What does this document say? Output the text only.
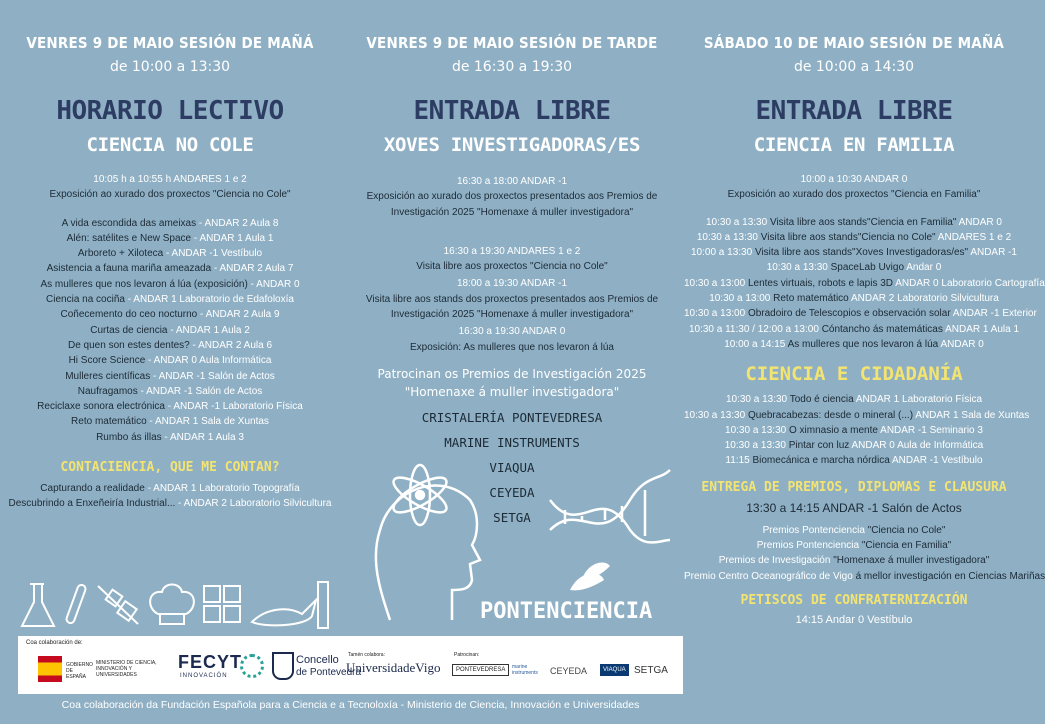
VENRES 9 DE MAIO SESIÓN DE MAÑÁ
de 10:00 a 13:30
HORARIO LECTIVO
CIENCIA NO COLE
10:05 h a 10:55 h ANDARES 1 e 2
Exposición ao xurado dos proxectos "Ciencia no Cole"
A vida escondida das ameixas - ANDAR 2 Aula 8
Alén: satélites e New Space - ANDAR 1 Aula 1
Arboreto + Xiloteca - ANDAR -1 Vestíbulo
Asistencia a fauna mariña ameazada - ANDAR 2 Aula 7
As mulleres que nos levaron á lúa (exposición) - ANDAR 0
Ciencia na cociña - ANDAR 1 Laboratorio de Edafoloxía
Coñecemento do ceo nocturno - ANDAR 2 Aula 9
Curtas de ciencia - ANDAR 1 Aula 2
De quen son estes dentes? - ANDAR 2 Aula 6
Hi Score Science - ANDAR 0 Aula Informática
Mulleres científicas - ANDAR -1 Salón de Actos
Naufragamos - ANDAR -1 Salón de Actos
Reciclaxe sonora electrónica - ANDAR -1 Laboratorio Física
Reto matemático - ANDAR 1 Sala de Xuntas
Rumbo ás illas - ANDAR 1 Aula 3
CONTACIENCIA, QUE ME CONTAN?
Capturando a realidade - ANDAR 1 Laboratorio Topografía
Descubrindo a Enxeñeiría Industrial... - ANDAR 2 Laboratorio Silvicultura
VENRES 9 DE MAIO SESIÓN DE TARDE
de 16:30 a 19:30
ENTRADA LIBRE
XOVES INVESTIGADORAS/ES
16:30 a 18:00 ANDAR -1
Exposición ao xurado dos proxectos presentados aos Premios de
Investigación 2025 "Homenaxe á muller investigadora"
16:30 a 19:30 ANDARES 1 e 2
Visita libre aos proxectos "Ciencia no Cole"
18:00 a 19:30 ANDAR -1
Visita libre aos stands dos proxectos presentados aos Premios de
Investigación 2025 "Homenaxe á muller investigadora"
16:30 a 19:30 ANDAR 0
Exposición: As mulleres que nos levaron á lúa
Patrocinan os Premios de Investigación 2025
"Homenaxe á muller investigadora"
CRISTALERÍA PONTEVEDRESA
MARINE INSTRUMENTS
VIAQUA
CEYEDA
SETGA
SÁBADO 10 DE MAIO SESIÓN DE MAÑÁ
de 10:00 a 14:30
ENTRADA LIBRE
CIENCIA EN FAMILIA
10:00 a 10:30 ANDAR 0
Exposición ao xurado dos proxectos "Ciencia en Familia"
10:30 a 13:30 Visita libre aos stands"Ciencia en Familia" ANDAR 0
10:30 a 13:30 Visita libre aos stands"Ciencia no Cole" ANDARES 1 e 2
10:00 a 13:30 Visita libre aos stands"Xoves Investigadoras/es" ANDAR -1
10:30 a 13:30 SpaceLab Uvigo Andar 0
10:30 a 13:00 Lentes virtuais, robots e lapis 3D ANDAR 0 Laboratorio Cartografía
10:30 a 13:00 Reto matemático ANDAR 2 Laboratorio Silvicultura
10:30 a 13:00 Obradoiro de Telescopios e observación solar ANDAR -1 Exterior
10:30 a 11:30 / 12:00 a 13:00 Cóntancho ás matemáticas ANDAR 1 Aula 1
10:00 a 14:15 As mulleres que nos levaron á lúa ANDAR 0
CIENCIA E CIDADANÍA
10:30 a 13:30 Todo é ciencia ANDAR 1 Laboratorio Física
10:30 a 13:30 Quebracabezas: desde o mineral (...) ANDAR 1 Sala de Xuntas
10:30 a 13:30 O ximnasio a mente ANDAR -1 Seminario 3
10:30 a 13:30 Pintar con luz ANDAR 0 Aula de Informática
11:15 Biomecánica e marcha nórdica ANDAR -1 Vestíbulo
ENTREGA DE PREMIOS, DIPLOMAS E CLAUSURA
13:30 a 14:15 ANDAR -1 Salón de Actos
Premios Pontenciencia "Ciencia no Cole"
Premios Pontenciencia "Ciencia en Familia"
Premios de Investigación "Homenaxe á muller investigadora"
Premio Centro Oceanográfico de Vigo á mellor investigación en Ciencias Mariñas
PETISCOS DE CONFRATERNIZACIÓN
14:15 Andar 0 Vestíbulo
PONTENCIENCIA
Coa colaboración de:
GOBIERNO DE ESPAÑA
MINISTERIO DE CIENCIA, INNOVACIÓN Y UNIVERSIDADES
FECYT
INNOVACIÓN
Concello
de Pontevedra
Tamén colabora:
UniversidadeVigo
Patrocinan:
PONTEVEDRESA	marine instruments	CEYEDA	VIAQUA SETGA
Coa colaboración da Fundación Española para a Ciencia e a Tecnoloxía - Ministerio de Ciencia, Innovación e Universidades
